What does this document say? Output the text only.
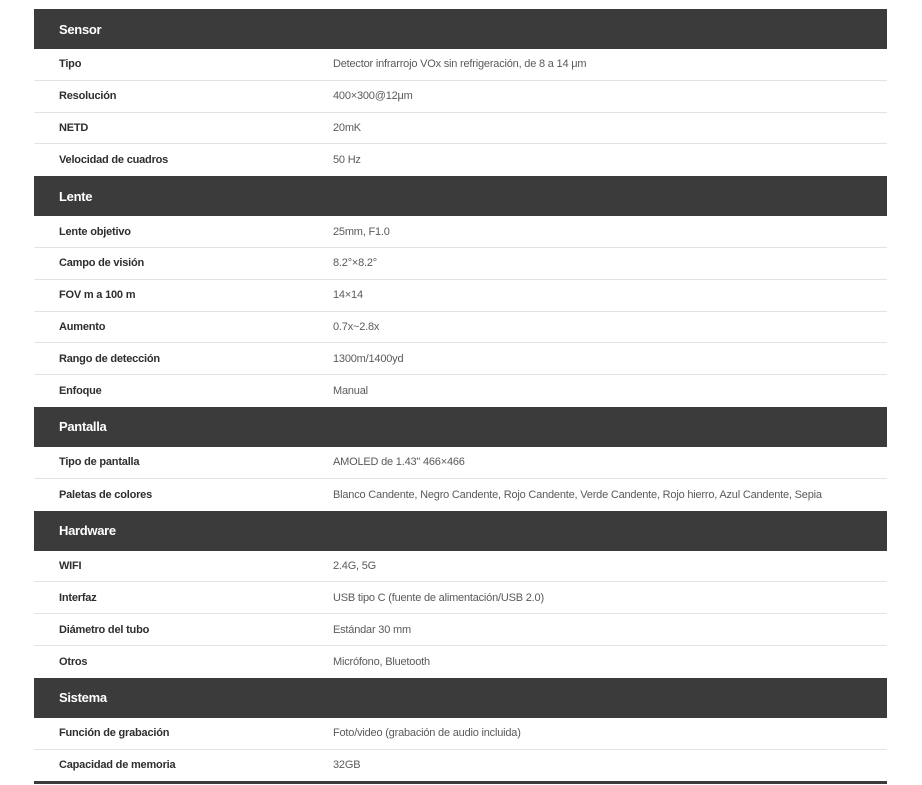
Sensor
Tipo	Detector infrarrojo VOx sin refrigeración, de 8 a 14 μm
Resolución	400×300@12μm
NETD	20mK
Velocidad de cuadros	50 Hz
Lente
Lente objetivo	25mm, F1.0
Campo de visión	8.2°×8.2°
FOV m a 100 m	14×14
Aumento	0.7x~2.8x
Rango de detección	1300m/1400yd
Enfoque	Manual
Pantalla
Tipo de pantalla	AMOLED de 1.43" 466×466
Paletas de colores	Blanco Candente, Negro Candente, Rojo Candente, Verde Candente, Rojo hierro, Azul Candente, Sepia
Hardware
WIFI	2.4G, 5G
Interfaz	USB tipo C (fuente de alimentación/USB 2.0)
Diámetro del tubo	Estándar 30 mm
Otros	Micrófono, Bluetooth
Sistema
Función de grabación	Foto/video (grabación de audio incluida)
Capacidad de memoria	32GB
